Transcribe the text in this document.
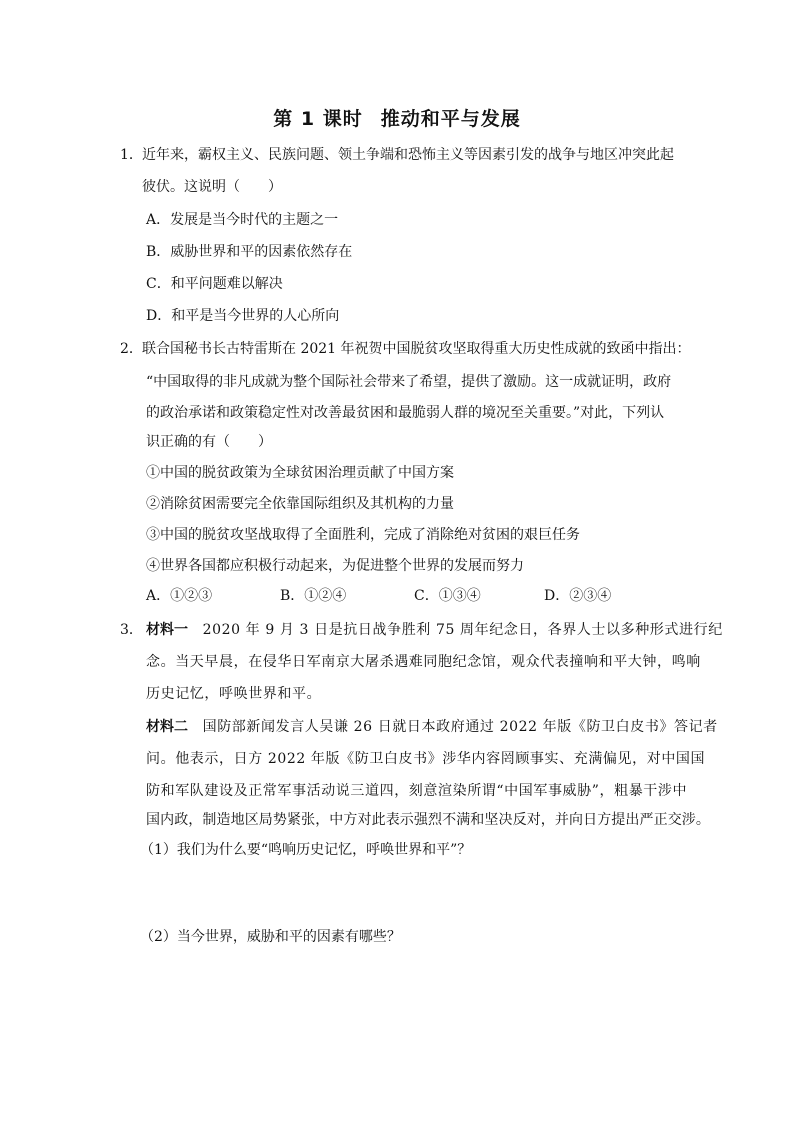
第 1 课时 推动和平与发展
1． 近年来，霸权主义、民族问题、领土争端和恐怖主义等因素引发的战争与地区冲突此起
彼伏。这说明（　　）
A．发展是当今时代的主题之一
B．威胁世界和平的因素依然存在
C．和平问题难以解决
D．和平是当今世界的人心所向
2． 联合国秘书长古特雷斯在 2021 年祝贺中国脱贫攻坚取得重大历史性成就的致函中指出：
“中国取得的非凡成就为整个国际社会带来了希望，提供了激励。这一成就证明，政府
的政治承诺和政策稳定性对改善最贫困和最脆弱人群的境况至关重要。”对此，下列认
识正确的有（　　）
①中国的脱贫政策为全球贫困治理贡献了中国方案
②消除贫困需要完全依靠国际组织及其机构的力量
③中国的脱贫攻坚战取得了全面胜利，完成了消除绝对贫困的艰巨任务
④世界各国都应积极行动起来，为促进整个世界的发展而努力
A．①②③	B．①②④	C．①③④	D．②③④
3． 材料一　2020 年 9 月 3 日是抗日战争胜利 75 周年纪念日，各界人士以多种形式进行纪
念。当天早晨，在侵华日军南京大屠杀遇难同胞纪念馆，观众代表撞响和平大钟，鸣响
历史记忆，呼唤世界和平。
材料二　国防部新闻发言人吴谦 26 日就日本政府通过 2022 年版《防卫白皮书》答记者
问。他表示，日方 2022 年版《防卫白皮书》涉华内容罔顾事实、充满偏见，对中国国
防和军队建设及正常军事活动说三道四，刻意渲染所谓“中国军事威胁”，粗暴干涉中
国内政，制造地区局势紧张，中方对此表示强烈不满和坚决反对，并向日方提出严正交涉。
（1）我们为什么要“鸣响历史记忆，呼唤世界和平”？
（2）当今世界，威胁和平的因素有哪些？
